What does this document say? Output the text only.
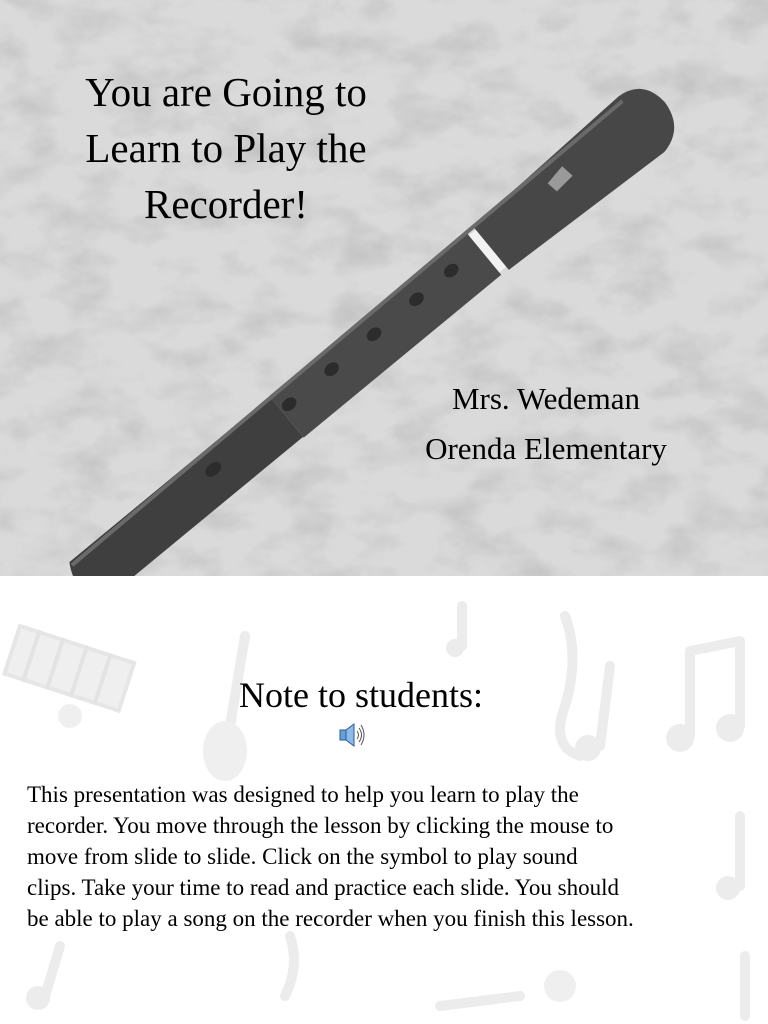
You are Going to
Learn to Play the
Recorder!
Mrs. Wedeman
Orenda Elementary
Note to students:

This presentation was designed to help you learn to play the
recorder. You move through the lesson by clicking the mouse to
move from slide to slide. Click on the symbol to play sound
clips. Take your time to read and practice each slide. You should
be able to play a song on the recorder when you finish this lesson.
